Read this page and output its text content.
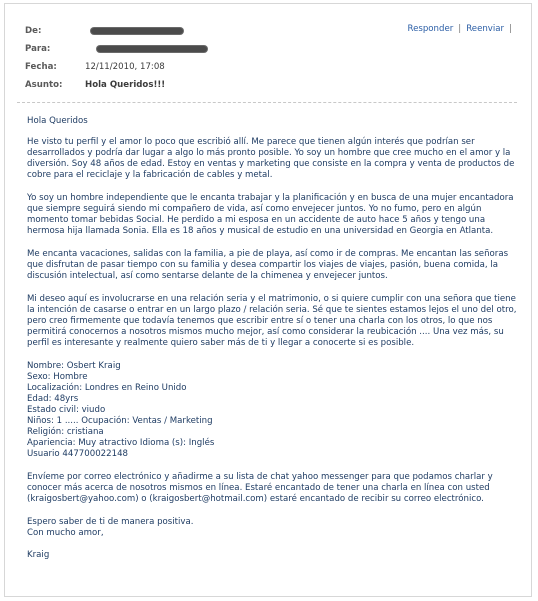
De:
Para:
Fecha:	12/11/2010, 17:08
Asunto:	Hola Queridos!!!
Responder | Reenviar |

Hola Queridos

He visto tu perfil y el amor lo poco que escribió allí. Me parece que tienen algún interés que podrían ser desarrollados y podría dar lugar a algo lo más pronto posible. Yo soy un hombre que cree mucho en el amor y la diversión. Soy 48 años de edad. Estoy en ventas y marketing que consiste en la compra y venta de productos de cobre para el reciclaje y la fabricación de cables y metal.

Yo soy un hombre independiente que le encanta trabajar y la planificación y en busca de una mujer encantadora que siempre seguirá siendo mi compañero de vida, así como envejecer juntos. Yo no fumo, pero en algún momento tomar bebidas Social. He perdido a mi esposa en un accidente de auto hace 5 años y tengo una hermosa hija llamada Sonia. Ella es 18 años y musical de estudio en una universidad en Georgia en Atlanta.

Me encanta vacaciones, salidas con la familia, a pie de playa, así como ir de compras. Me encantan las señoras que disfrutan de pasar tiempo con su familia y desea compartir los viajes de viajes, pasión, buena comida, la discusión intelectual, así como sentarse delante de la chimenea y envejecer juntos.

Mi deseo aquí es involucrarse en una relación seria y el matrimonio, o si quiere cumplir con una señora que tiene la intención de casarse o entrar en un largo plazo / relación seria. Sé que te sientes estamos lejos el uno del otro, pero creo firmemente que todavía tenemos que escribir entre sí o tener una charla con los otros, lo que nos permitirá conocernos a nosotros mismos mucho mejor, así como considerar la reubicación .... Una vez más, su perfil es interesante y realmente quiero saber más de ti y llegar a conocerte si es posible.

Nombre: Osbert Kraig
Sexo: Hombre
Localización: Londres en Reino Unido
Edad: 48yrs
Estado civil: viudo
Niños: 1 ..... Ocupación: Ventas / Marketing
Religión: cristiana
Apariencia: Muy atractivo Idioma (s): Inglés
Usuario 447700022148

Envíeme por correo electrónico y añadirme a su lista de chat yahoo messenger para que podamos charlar y conocer más acerca de nosotros mismos en línea. Estaré encantado de tener una charla en línea con usted (kraigosbert@yahoo.com) o (kraigosbert@hotmail.com) estaré encantado de recibir su correo electrónico.

Espero saber de ti de manera positiva.
Con mucho amor,
Kraig
